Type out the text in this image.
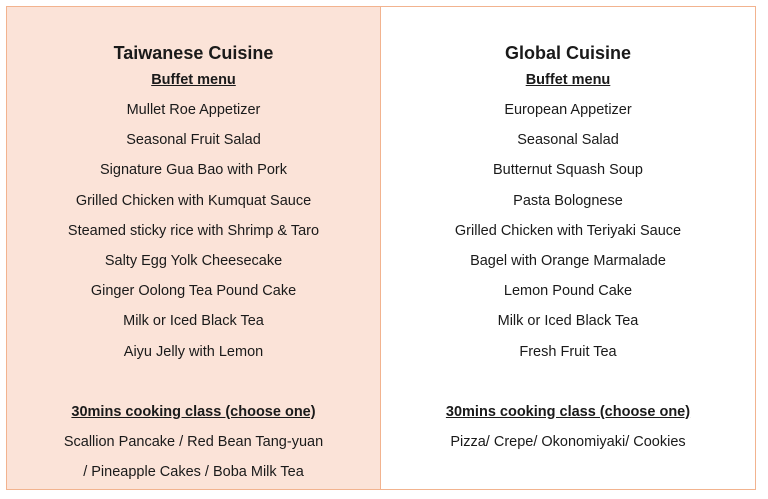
Taiwanese Cuisine
Buffet menu
Mullet Roe Appetizer
Seasonal Fruit Salad
Signature Gua Bao with Pork
Grilled Chicken with Kumquat Sauce
Steamed sticky rice with Shrimp & Taro
Salty Egg Yolk Cheesecake
Ginger Oolong Tea Pound Cake
Milk or Iced Black Tea
Aiyu Jelly with Lemon
30mins cooking class (choose one)
Scallion Pancake / Red Bean Tang-yuan
/ Pineapple Cakes / Boba Milk Tea
Global Cuisine
Buffet menu
European Appetizer
Seasonal Salad
Butternut Squash Soup
Pasta Bolognese
Grilled Chicken with Teriyaki Sauce
Bagel with Orange Marmalade
Lemon Pound Cake
Milk or Iced Black Tea
Fresh Fruit Tea
30mins cooking class (choose one)
Pizza/ Crepe/ Okonomiyaki/ Cookies
